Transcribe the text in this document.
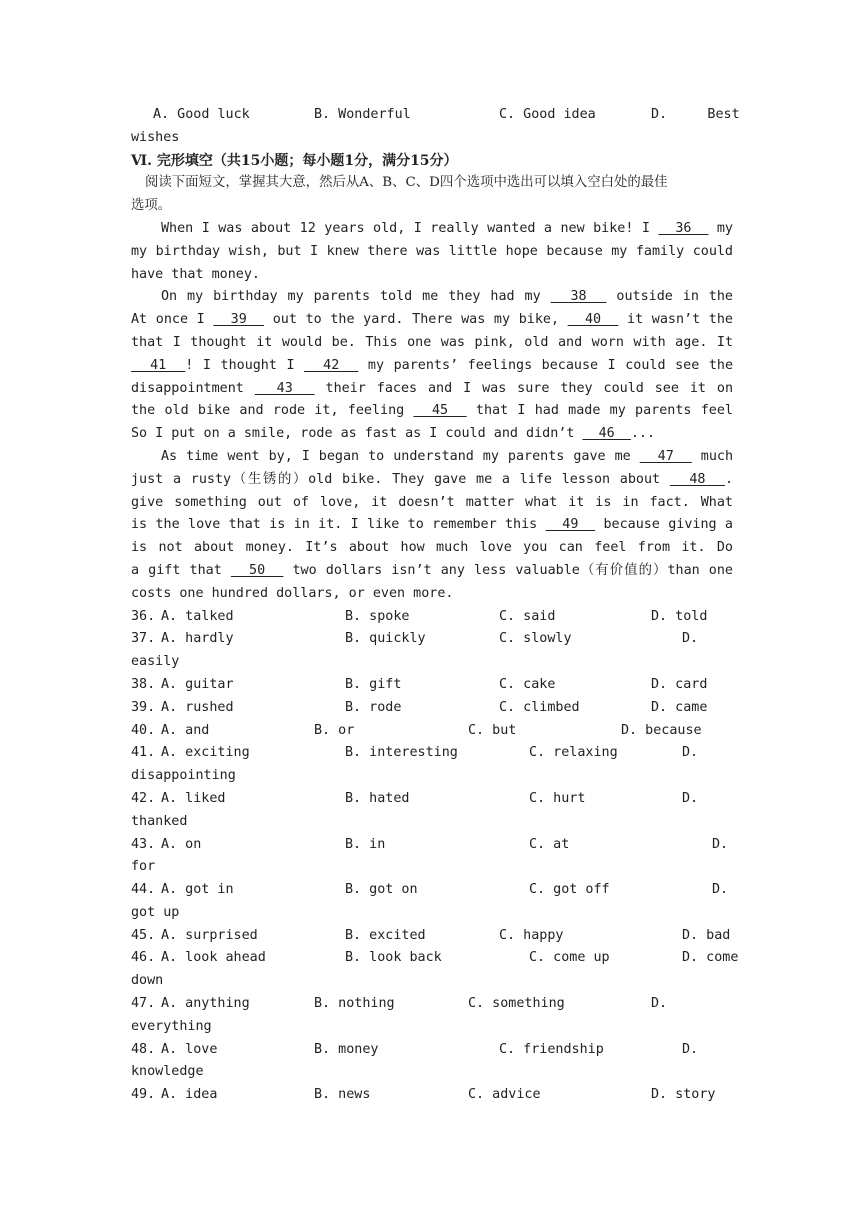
A. Good luck	B. Wonderful	C. Good idea	D.     Best
wishes
Ⅵ. 完形填空（共15小题；每小题1分，满分15分）
阅读下面短文，掌握其大意，然后从A、B、C、D四个选项中选出可以填入空白处的最佳
选项。
When I was about 12 years old, I really wanted a new bike! I   36   my
my birthday wish, but I knew there was little hope because my family could
have that money.
On my birthday my parents told me they had my   38   outside in the
At once I   39   out to the yard. There was my bike,   40   it wasn’t the
that I thought it would be. This one was pink, old and worn with age. It
41  ! I thought I   42   my parents’ feelings because I could see the
disappointment   43   their faces and I was sure they could see it on
the old bike and rode it, feeling   45   that I had made my parents feel
So I put on a smile, rode as fast as I could and didn’t   46  ...
As time went by, I began to understand my parents gave me   47   much
just a rusty（生锈的）old bike. They gave me a life lesson about   48  .
give something out of love, it doesn’t matter what it is in fact. What
is the love that is in it. I like to remember this   49   because giving a
is not about money. It’s about how much love you can feel from it. Do
a gift that   50   two dollars isn’t any less valuable（有价值的）than one
costs one hundred dollars, or even more.
36. A. talked	B. spoke	C. said	D. told
37. A. hardly	B. quickly	C. slowly	D.
easily
38. A. guitar	B. gift	C. cake	D. card
39. A. rushed	B. rode	C. climbed	D. came
40. A. and	B. or	C. but	D. because
41. A. exciting	B. interesting	C. relaxing	D.
disappointing
42. A. liked	B. hated	C. hurt	D.
thanked
43. A. on	B. in	C. at	D.
for
44. A. got in	B. got on	C. got off	D.
got up
45. A. surprised	B. excited	C. happy	D. bad
46. A. look ahead	B. look back	C. come up	D. come
down
47. A. anything	B. nothing	C. something	D.
everything
48. A. love	B. money	C. friendship	D.
knowledge
49. A. idea	B. news	C. advice	D. story
